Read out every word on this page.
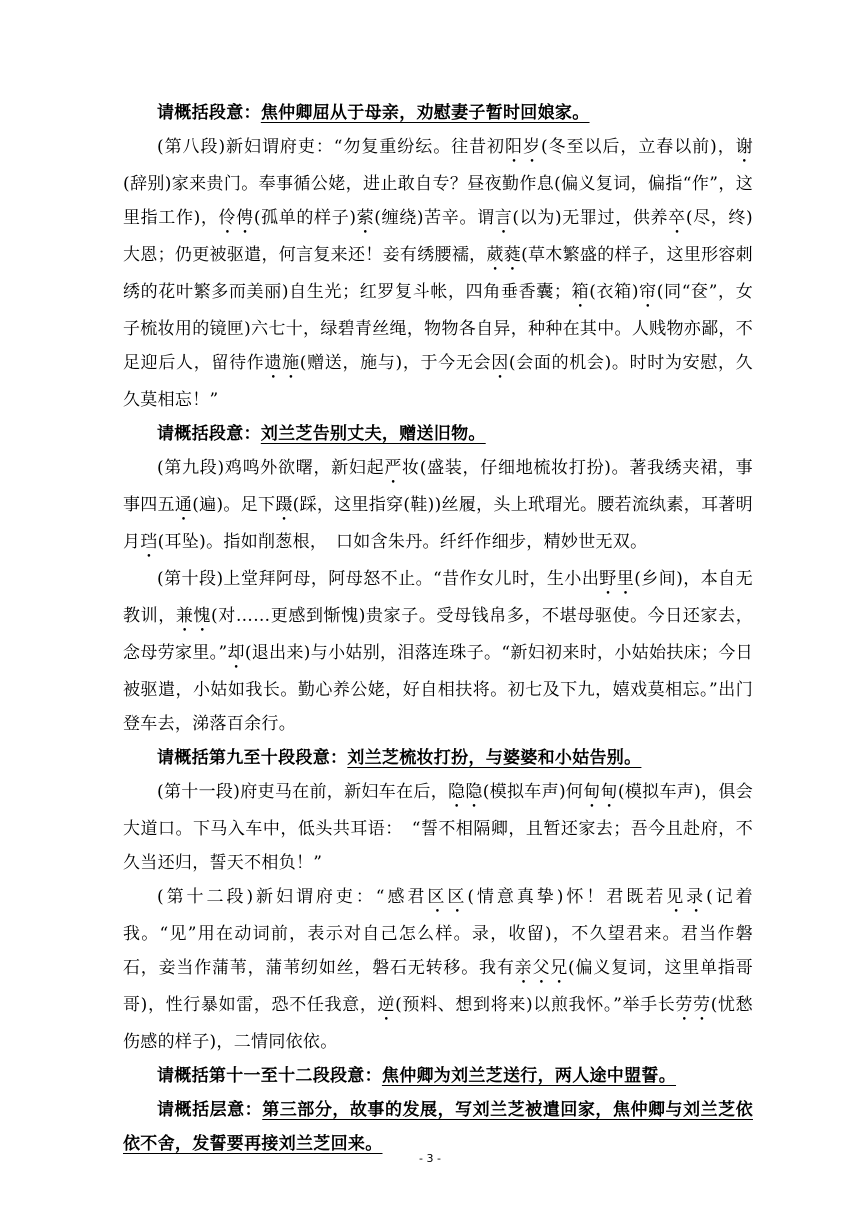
请概括段意：焦仲卿屈从于母亲，劝慰妻子暂时回娘家。

(第八段)新妇谓府吏：“勿复重纷纭。往昔初阳岁(冬至以后，立春以前)，谢(辞别)家来贵门。奉事循公姥，进止敢自专？昼夜勤作息(偏义复词，偏指“作”，这里指工作)，伶俜(孤单的样子)萦(缠绕)苦辛。谓言(以为)无罪过，供养卒(尽，终)大恩；仍更被驱遣，何言复来还！妾有绣腰襦，葳蕤(草木繁盛的样子，这里形容刺绣的花叶繁多而美丽)自生光；红罗复斗帐，四角垂香囊；箱(衣箱)帘(同“奁”，女子梳妆用的镜匣)六七十，绿碧青丝绳，物物各自异，种种在其中。人贱物亦鄙，不足迎后人，留待作遗施(赠送，施与)，于今无会因(会面的机会)。时时为安慰，久久莫相忘！”

请概括段意：刘兰芝告别丈夫，赠送旧物。

(第九段)鸡鸣外欲曙，新妇起严妆(盛装，仔细地梳妆打扮)。著我绣夹裙，事事四五通(遍)。足下蹑(踩，这里指穿(鞋))丝履，头上玳瑁光。腰若流纨素，耳著明月珰(耳坠)。指如削葱根，　口如含朱丹。纤纤作细步，精妙世无双。

(第十段)上堂拜阿母，阿母怒不止。“昔作女儿时，生小出野里(乡间)，本自无教训，兼愧(对……更感到惭愧)贵家子。受母钱帛多，不堪母驱使。今日还家去，念母劳家里。”却(退出来)与小姑别，泪落连珠子。“新妇初来时，小姑始扶床；今日被驱遣，小姑如我长。勤心养公姥，好自相扶将。初七及下九，嬉戏莫相忘。”出门登车去，涕落百余行。

请概括第九至十段段意：刘兰芝梳妆打扮，与婆婆和小姑告别。

(第十一段)府吏马在前，新妇车在后，隐隐(模拟车声)何甸甸(模拟车声)，俱会大道口。下马入车中，低头共耳语：　“誓不相隔卿，且暂还家去；吾今且赴府，不久当还归，誓天不相负！”

(第十二段)新妇谓府吏：“感君区区(情意真挚)怀！君既若见录(记着我。“见”用在动词前，表示对自己怎么样。录，收留)，不久望君来。君当作磐石，妾当作蒲苇，蒲苇纫如丝，磐石无转移。我有亲父兄(偏义复词，这里单指哥哥)，性行暴如雷，恐不任我意，逆(预料、想到将来)以煎我怀。”举手长劳劳(忧愁伤感的样子)，二情同依依。

请概括第十一至十二段段意：焦仲卿为刘兰芝送行，两人途中盟誓。

请概括层意：第三部分，故事的发展，写刘兰芝被遣回家，焦仲卿与刘兰芝依依不舍，发誓要再接刘兰芝回来。

- 3 -
